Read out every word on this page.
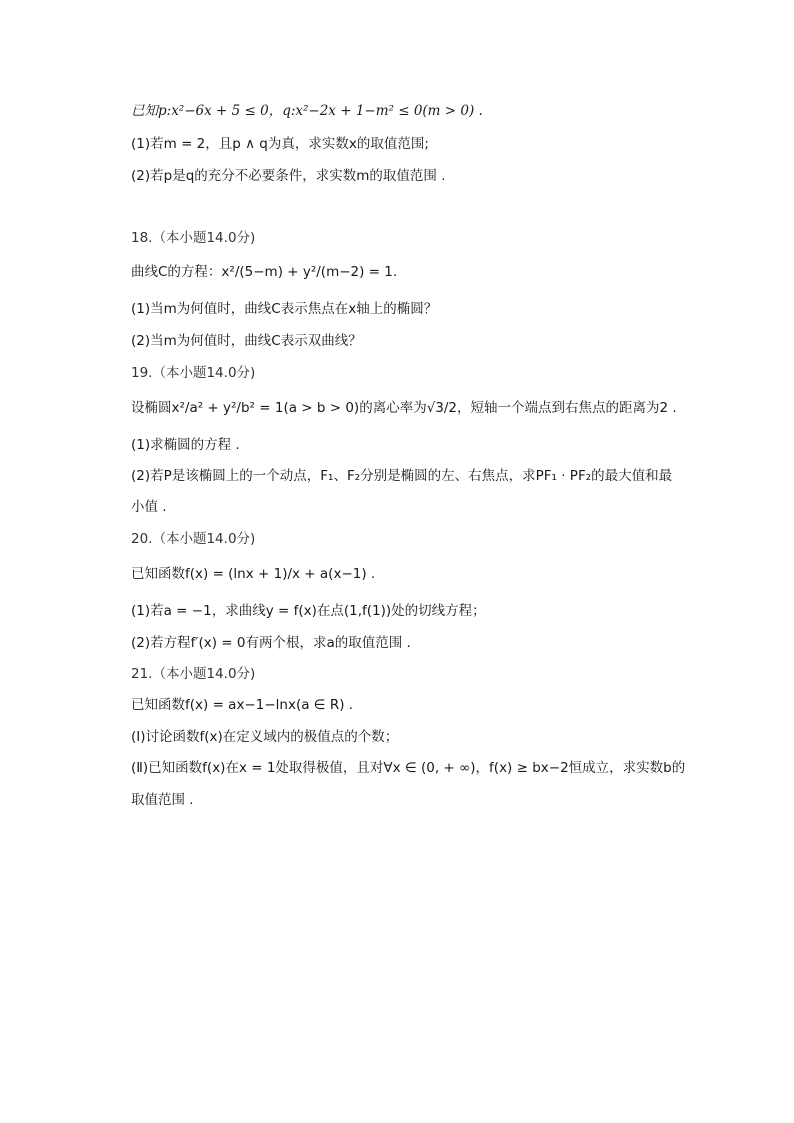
已知p:x²−6x + 5 ≤ 0，q:x²−2x + 1−m² ≤ 0(m > 0) .
(1)若m = 2，且p ∧ q为真，求实数x的取值范围;
(2)若p是q的充分不必要条件，求实数m的取值范围 .
18.（本小题14.0分)
曲线C的方程：x²/(5−m) + y²/(m−2) = 1.
(1)当m为何值时，曲线C表示焦点在x轴上的椭圆？
(2)当m为何值时，曲线C表示双曲线？
19.（本小题14.0分)
设椭圆x²/a² + y²/b² = 1(a > b > 0)的离心率为√3/2，短轴一个端点到右焦点的距离为2 .
(1)求椭圆的方程 .
(2)若P是该椭圆上的一个动点，F₁、F₂分别是椭圆的左、右焦点，求PF₁ · PF₂的最大值和最
小值 .
20.（本小题14.0分)
已知函数f(x) = (lnx + 1)/x + a(x−1) .
(1)若a = −1，求曲线y = f(x)在点(1,f(1))处的切线方程；
(2)若方程f′(x) = 0有两个根，求a的取值范围 .
21.（本小题14.0分)
已知函数f(x) = ax−1−lnx(a ∈ R) .
(Ⅰ)讨论函数f(x)在定义域内的极值点的个数；
(Ⅱ)已知函数f(x)在x = 1处取得极值，且对∀x ∈ (0, + ∞)，f(x) ≥ bx−2恒成立，求实数b的
取值范围 .
